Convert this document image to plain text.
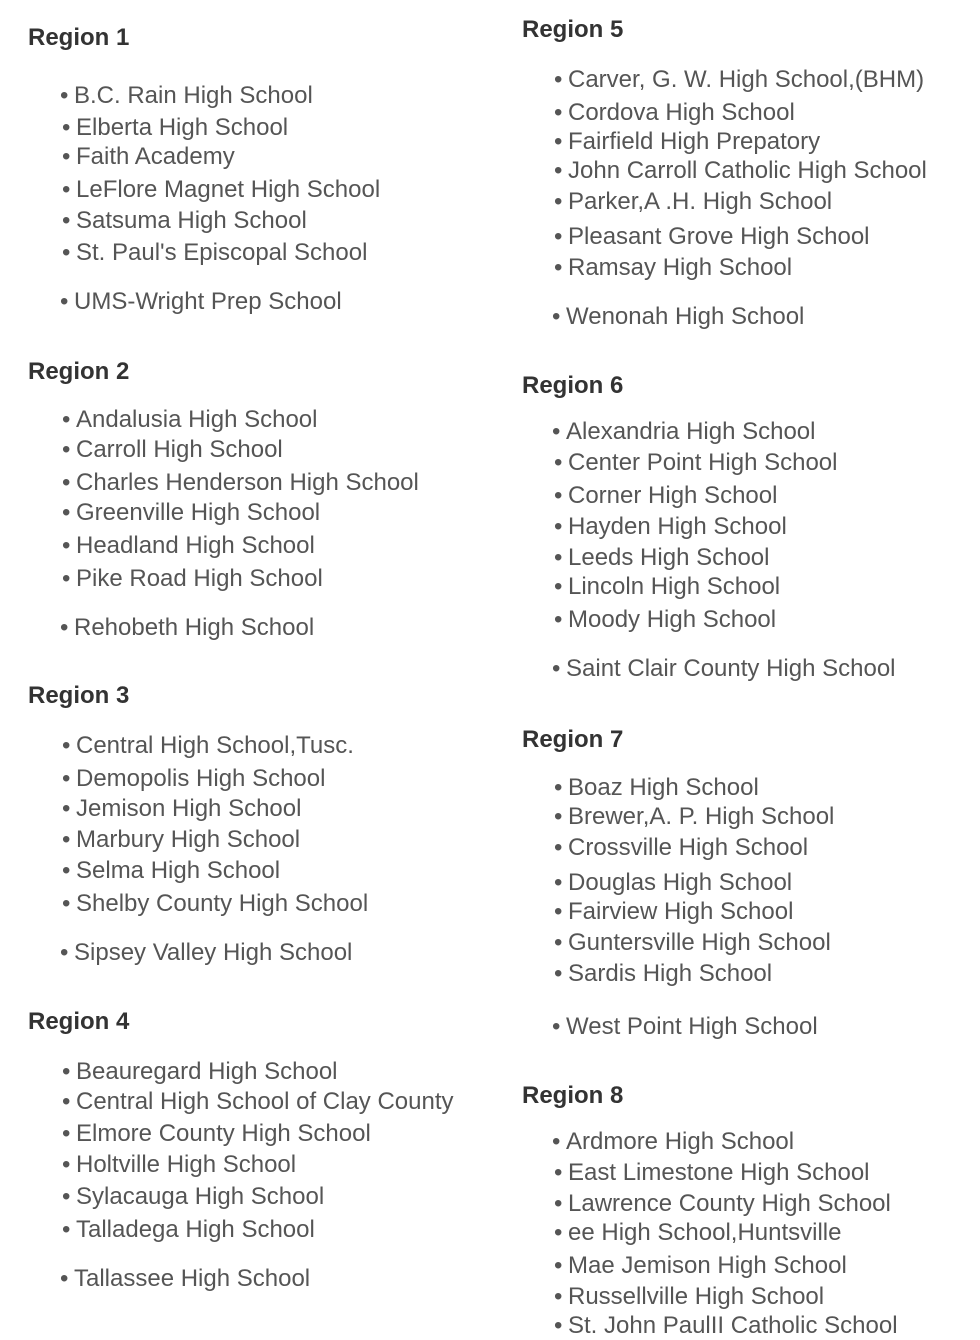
Region 1
• B.C. Rain High School
• Elberta High School
• Faith Academy
• LeFlore Magnet High School
• Satsuma High School
• St. Paul's Episcopal School
• UMS-Wright Prep School
Region 2
• Andalusia High School
• Carroll High School
• Charles Henderson High School
• Greenville High School
• Headland High School
• Pike Road High School
• Rehobeth High School
Region 3
• Central High School,Tusc.
• Demopolis High School
• Jemison High School
• Marbury High School
• Selma High School
• Shelby County High School
• Sipsey Valley High School
Region 4
• Beauregard High School
• Central High School of Clay County
• Elmore County High School
• Holtville High School
• Sylacauga High School
• Talladega High School
• Tallassee High School
Region 5
• Carver, G. W. High School,(BHM)
• Cordova High School
• Fairfield High Prepatory
• John Carroll Catholic High School
• Parker,A .H. High School
• Pleasant Grove High School
• Ramsay High School
• Wenonah High School
Region 6
• Alexandria High School
• Center Point High School
• Corner High School
• Hayden High School
• Leeds High School
• Lincoln High School
• Moody High School
• Saint Clair County High School
Region 7
• Boaz High School
• Brewer,A. P. High School
• Crossville High School
• Douglas High School
• Fairview High School
• Guntersville High School
• Sardis High School
• West Point High School
Region 8
• Ardmore High School
• East Limestone High School
• Lawrence County High School
• ee High School,Huntsville
• Mae Jemison High School
• Russellville High School
• St. John PaulII Catholic School
